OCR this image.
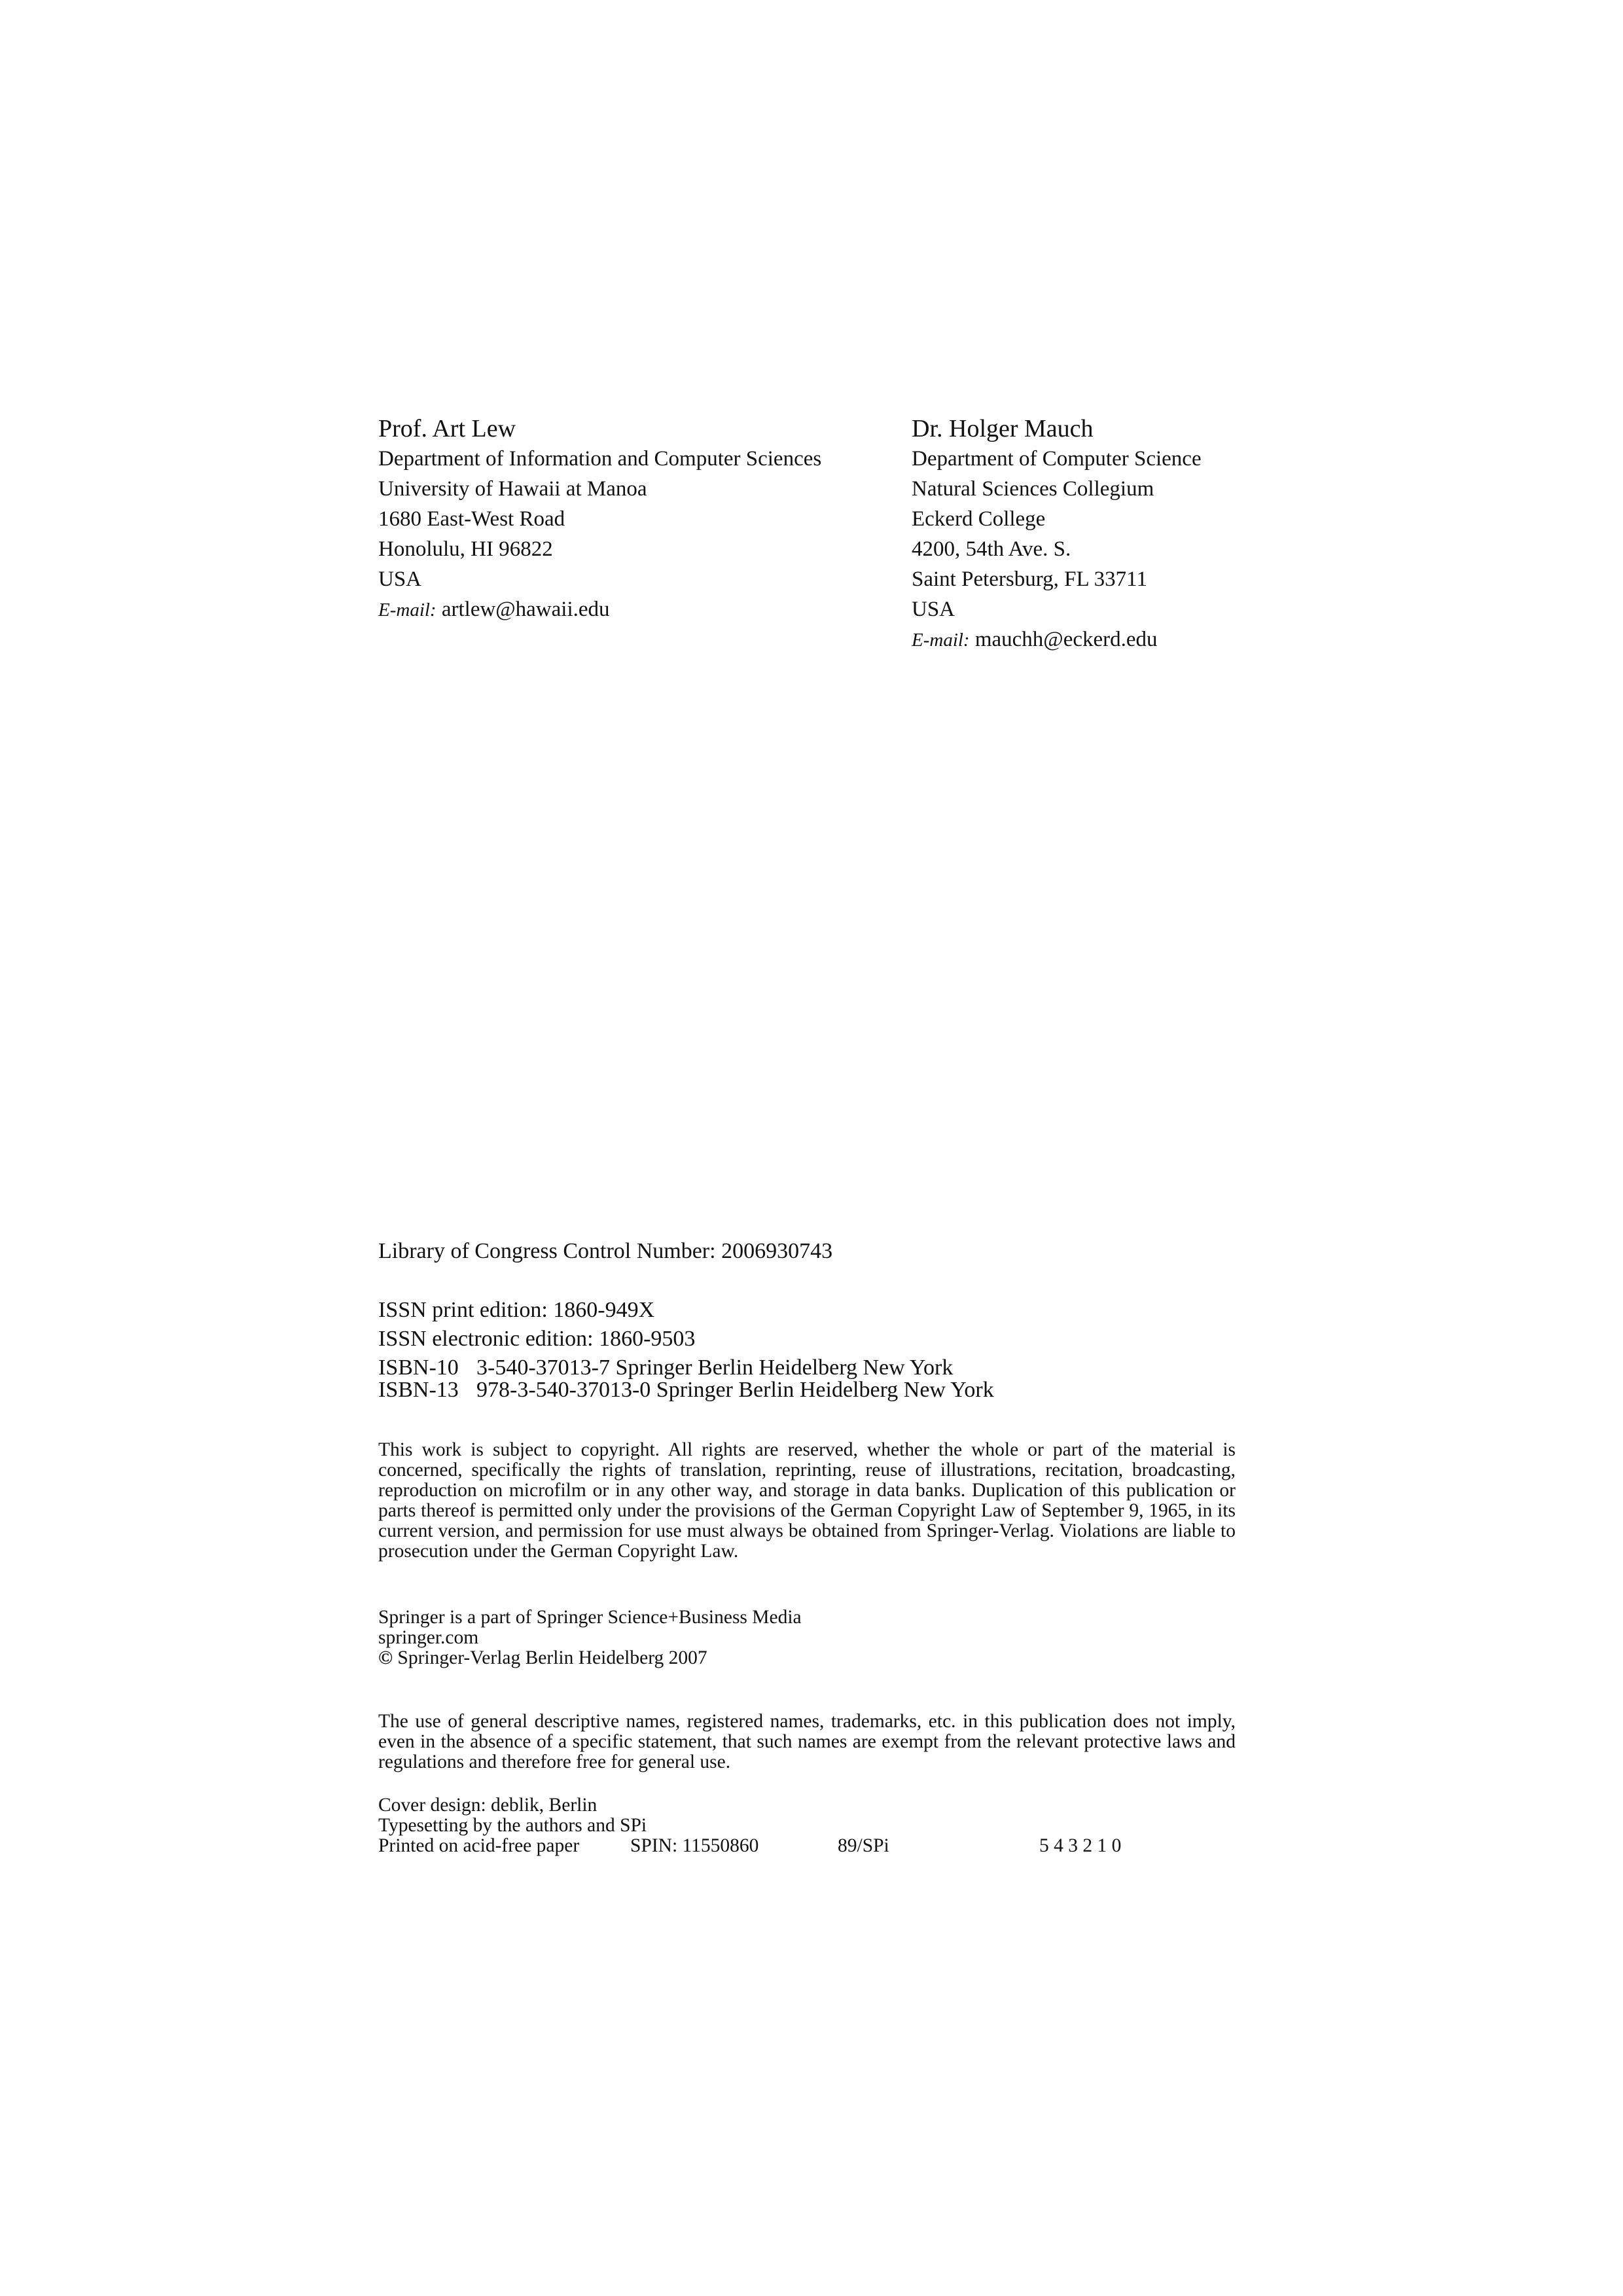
Prof. Art Lew
Department of Information and Computer Sciences
University of Hawaii at Manoa
1680 East-West Road
Honolulu, HI 96822
USA
E-mail: artlew@hawaii.edu
Dr. Holger Mauch
Department of Computer Science
Natural Sciences Collegium
Eckerd College
4200, 54th Ave. S.
Saint Petersburg, FL 33711
USA
E-mail: mauchh@eckerd.edu
Library of Congress Control Number: 2006930743
ISSN print edition: 1860-949X
ISSN electronic edition: 1860-9503
ISBN-10 3-540-37013-7 Springer Berlin Heidelberg New York
ISBN-13 978-3-540-37013-0 Springer Berlin Heidelberg New York
This work is subject to copyright. All rights are reserved, whether the whole or part of the material is concerned, specifically the rights of translation, reprinting, reuse of illustrations, recitation, broadcasting, reproduction on microfilm or in any other way, and storage in data banks. Duplication of this publication or parts thereof is permitted only under the provisions of the German Copyright Law of September 9, 1965, in its current version, and permission for use must always be obtained from Springer-Verlag. Violations are liable to prosecution under the German Copyright Law.
Springer is a part of Springer Science+Business Media
springer.com
© Springer-Verlag Berlin Heidelberg 2007
The use of general descriptive names, registered names, trademarks, etc. in this publication does not imply, even in the absence of a specific statement, that such names are exempt from the relevant protective laws and regulations and therefore free for general use.
Cover design: deblik, Berlin
Typesetting by the authors and SPi
Printed on acid-free paper	SPIN: 11550860	89/SPi	5 4 3 2 1 0
